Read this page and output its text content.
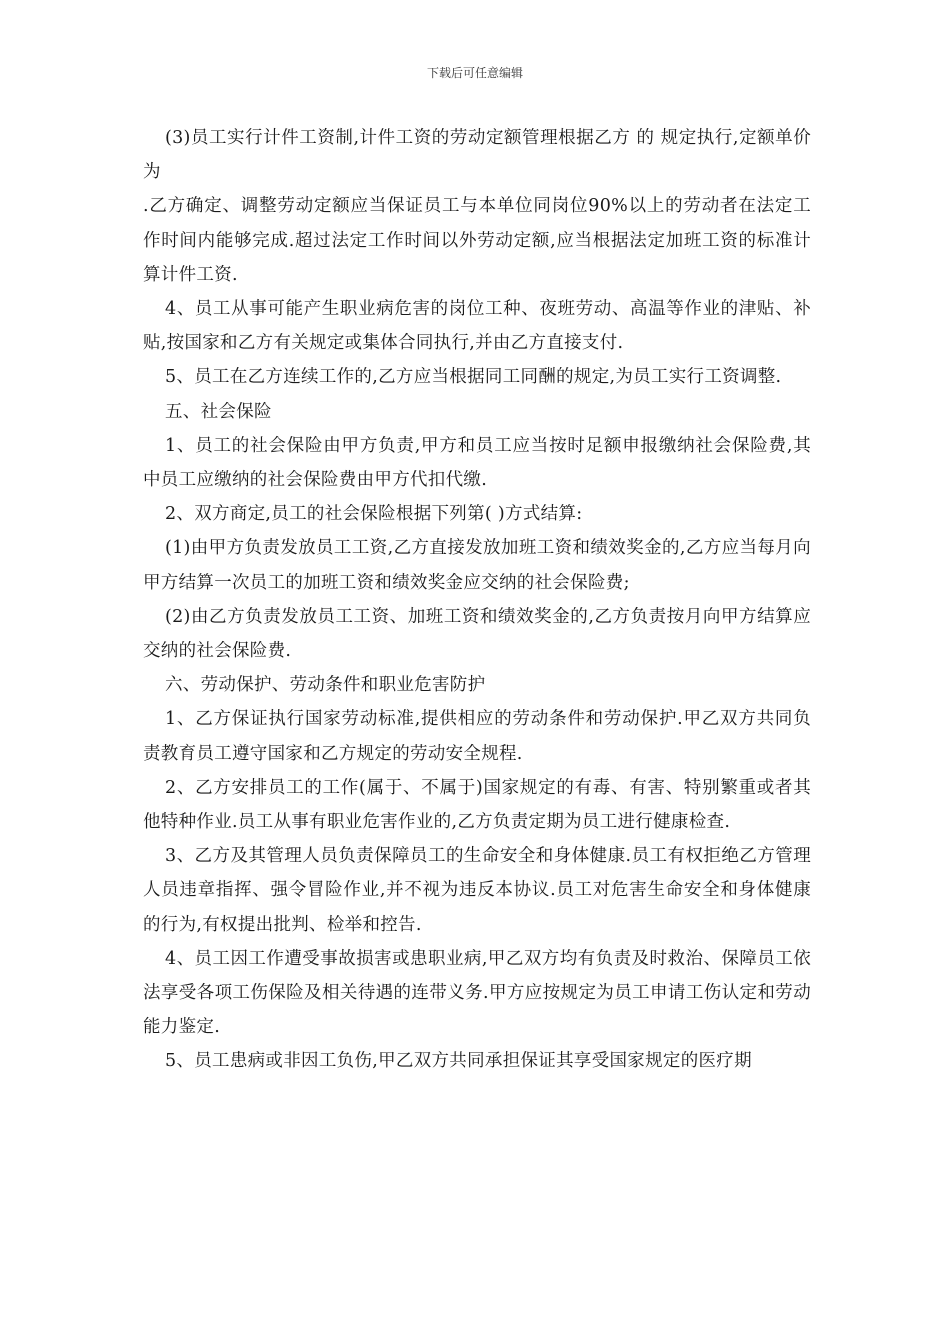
下载后可任意编辑

(3)员工实行计件工资制,计件工资的劳动定额管理根据乙方 的 规定执行,定额单价为

.乙方确定、调整劳动定额应当保证员工与本单位同岗位90%以上的劳动者在法定工作时间内能够完成.超过法定工作时间以外劳动定额,应当根据法定加班工资的标准计算计件工资.

4、员工从事可能产生职业病危害的岗位工种、夜班劳动、高温等作业的津贴、补贴,按国家和乙方有关规定或集体合同执行,并由乙方直接支付.

5、员工在乙方连续工作的,乙方应当根据同工同酬的规定,为员工实行工资调整.

五、社会保险

1、员工的社会保险由甲方负责,甲方和员工应当按时足额申报缴纳社会保险费,其中员工应缴纳的社会保险费由甲方代扣代缴.

2、双方商定,员工的社会保险根据下列第( )方式结算:

(1)由甲方负责发放员工工资,乙方直接发放加班工资和绩效奖金的,乙方应当每月向甲方结算一次员工的加班工资和绩效奖金应交纳的社会保险费;

(2)由乙方负责发放员工工资、加班工资和绩效奖金的,乙方负责按月向甲方结算应交纳的社会保险费.

六、劳动保护、劳动条件和职业危害防护

1、乙方保证执行国家劳动标准,提供相应的劳动条件和劳动保护.甲乙双方共同负责教育员工遵守国家和乙方规定的劳动安全规程.

2、乙方安排员工的工作(属于、不属于)国家规定的有毒、有害、特别繁重或者其他特种作业.员工从事有职业危害作业的,乙方负责定期为员工进行健康检查.

3、乙方及其管理人员负责保障员工的生命安全和身体健康.员工有权拒绝乙方管理人员违章指挥、强令冒险作业,并不视为违反本协议.员工对危害生命安全和身体健康的行为,有权提出批判、检举和控告.

4、员工因工作遭受事故损害或患职业病,甲乙双方均有负责及时救治、保障员工依法享受各项工伤保险及相关待遇的连带义务.甲方应按规定为员工申请工伤认定和劳动能力鉴定.

5、员工患病或非因工负伤,甲乙双方共同承担保证其享受国家规定的医疗期
